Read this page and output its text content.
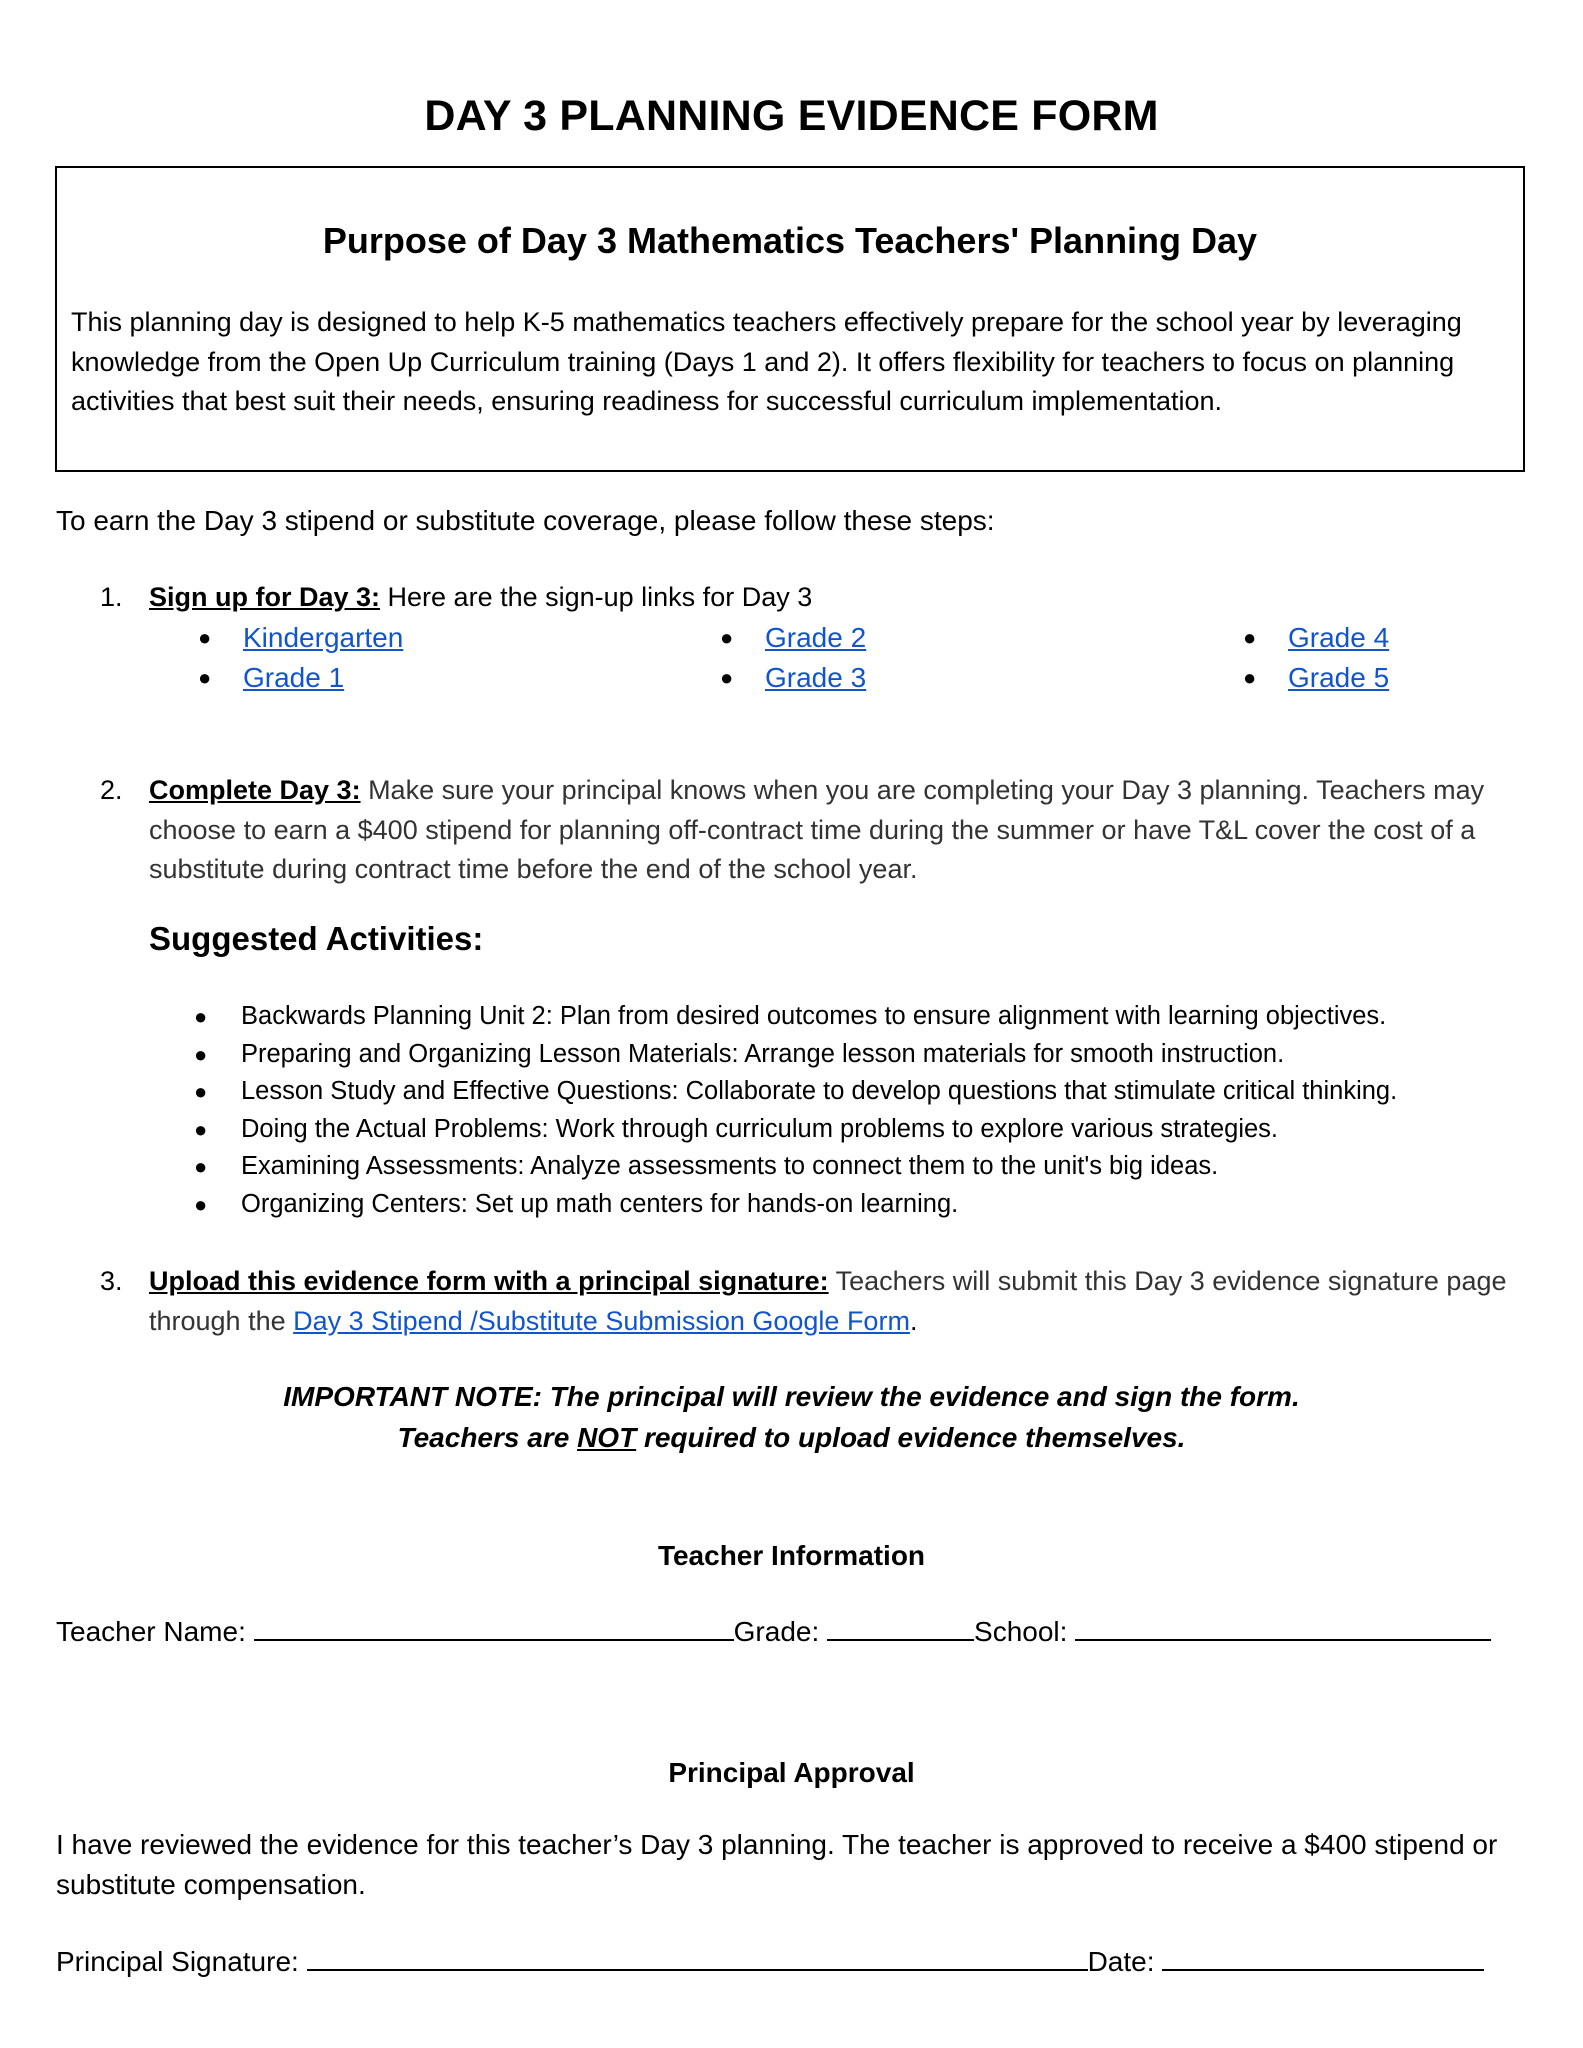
DAY 3 PLANNING EVIDENCE FORM
Purpose of Day 3 Mathematics Teachers' Planning Day
This planning day is designed to help K-5 mathematics teachers effectively prepare for the school year by leveraging knowledge from the Open Up Curriculum training (Days 1 and 2). It offers flexibility for teachers to focus on planning activities that best suit their needs, ensuring readiness for successful curriculum implementation.
To earn the Day 3 stipend or substitute coverage, please follow these steps:
1. Sign up for Day 3: Here are the sign-up links for Day 3
● Kindergarten
● Grade 1
● Grade 2
● Grade 3
● Grade 4
● Grade 5
2. Complete Day 3: Make sure your principal knows when you are completing your Day 3 planning. Teachers may choose to earn a $400 stipend for planning off-contract time during the summer or have T&L cover the cost of a substitute during contract time before the end of the school year.
Suggested Activities:
● Backwards Planning Unit 2: Plan from desired outcomes to ensure alignment with learning objectives.
● Preparing and Organizing Lesson Materials: Arrange lesson materials for smooth instruction.
● Lesson Study and Effective Questions: Collaborate to develop questions that stimulate critical thinking.
● Doing the Actual Problems: Work through curriculum problems to explore various strategies.
● Examining Assessments: Analyze assessments to connect them to the unit's big ideas.
● Organizing Centers: Set up math centers for hands-on learning.
3. Upload this evidence form with a principal signature: Teachers will submit this Day 3 evidence signature page through the Day 3 Stipend /Substitute Submission Google Form.
IMPORTANT NOTE: The principal will review the evidence and sign the form.
Teachers are NOT required to upload evidence themselves.
Teacher Information
Teacher Name:	Grade:	School:
Principal Approval
I have reviewed the evidence for this teacher’s Day 3 planning. The teacher is approved to receive a $400 stipend or substitute compensation.
Principal Signature:	Date:
